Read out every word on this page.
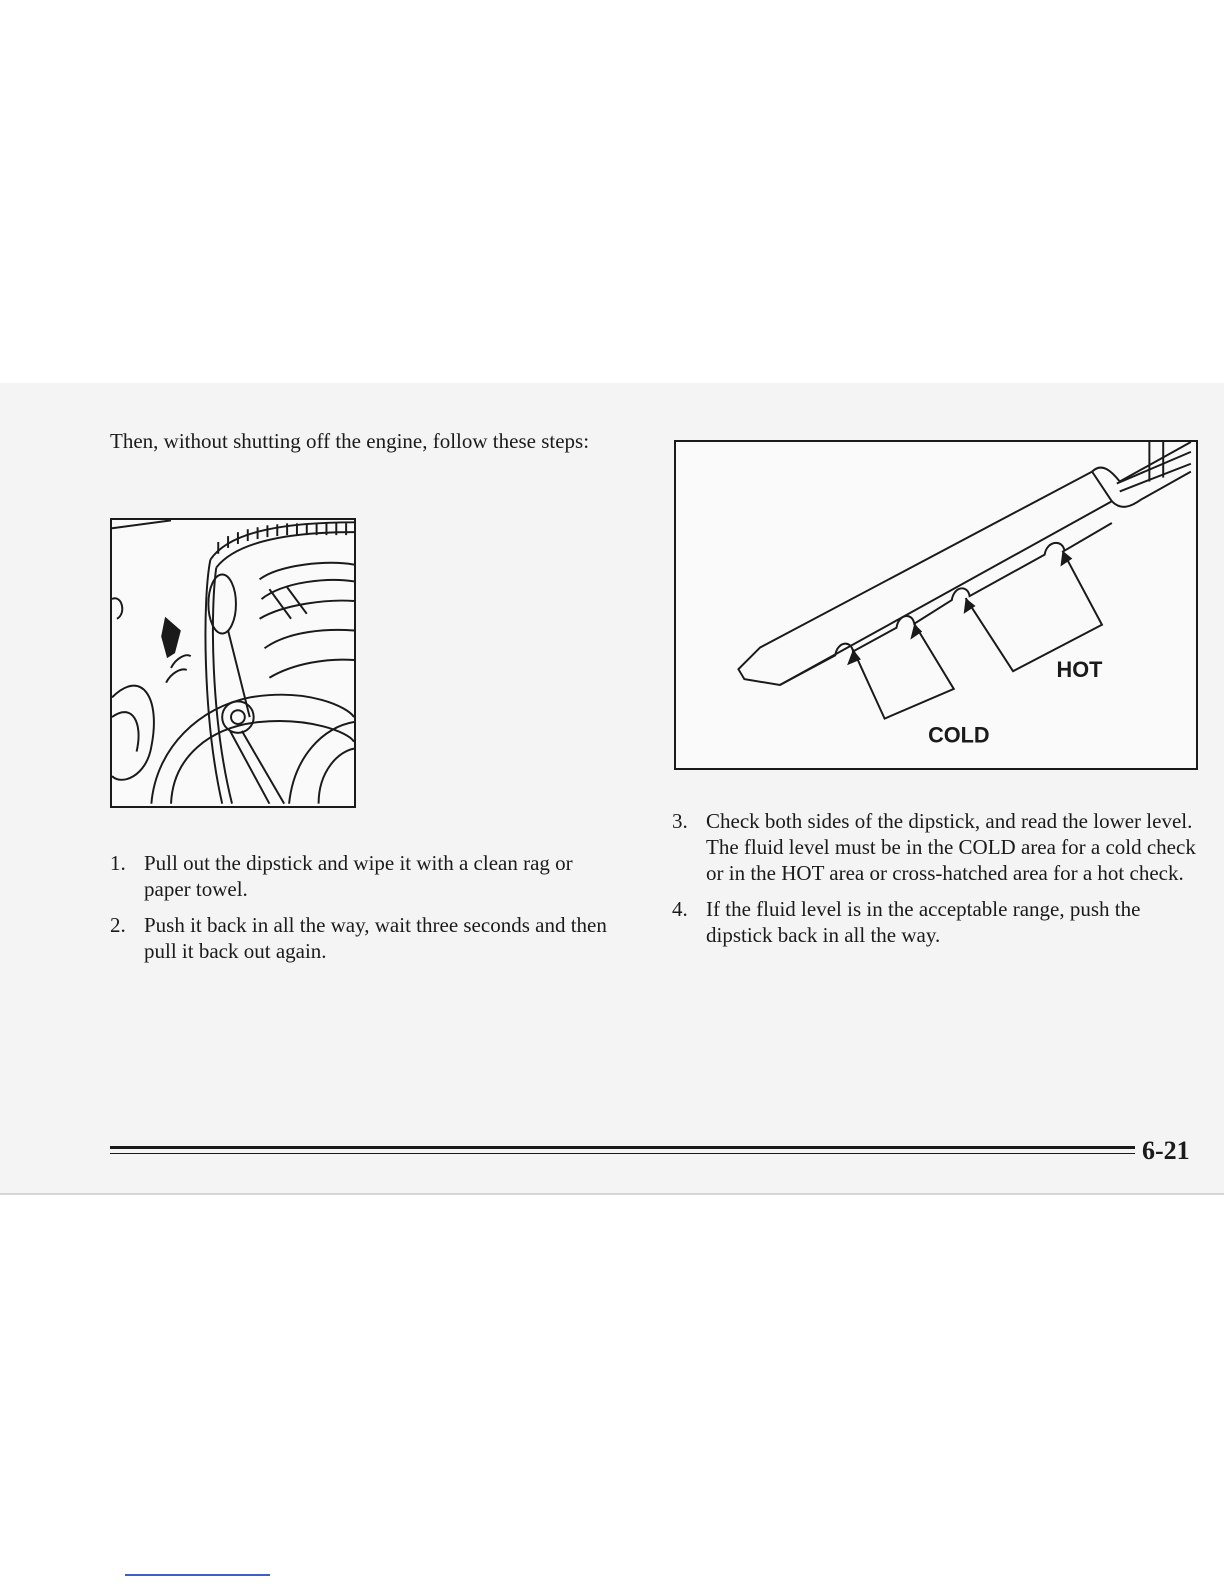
Then, without shutting off the engine, follow these steps:

HOT
COLD
1. Pull out the dipstick and wipe it with a clean rag or paper towel.
2. Push it back in all the way, wait three seconds and then pull it back out again.
3. Check both sides of the dipstick, and read the lower level. The fluid level must be in the COLD area for a cold check or in the HOT area or cross-hatched area for a hot check.
4. If the fluid level is in the acceptable range, push the dipstick back in all the way.
6-21
